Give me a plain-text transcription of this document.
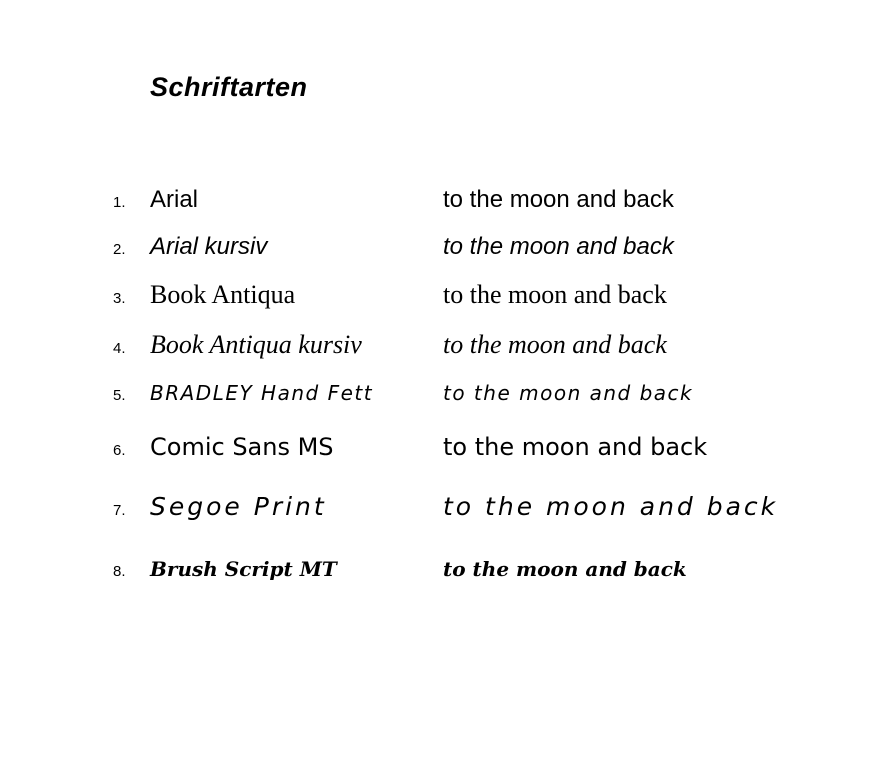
Schriftarten
1.	Arial	to the moon and back
2.	Arial kursiv	to the moon and back
3. Book Antiqua	to the moon and back
4. Book Antiqua kursiv	to the moon and back
5.	BRADLEY Hand Fett	to the moon and back
6.	Comic Sans MS	to the moon and back
7. Segoe Print	to the moon and back
8.	Brush Script MT	to the moon and back
